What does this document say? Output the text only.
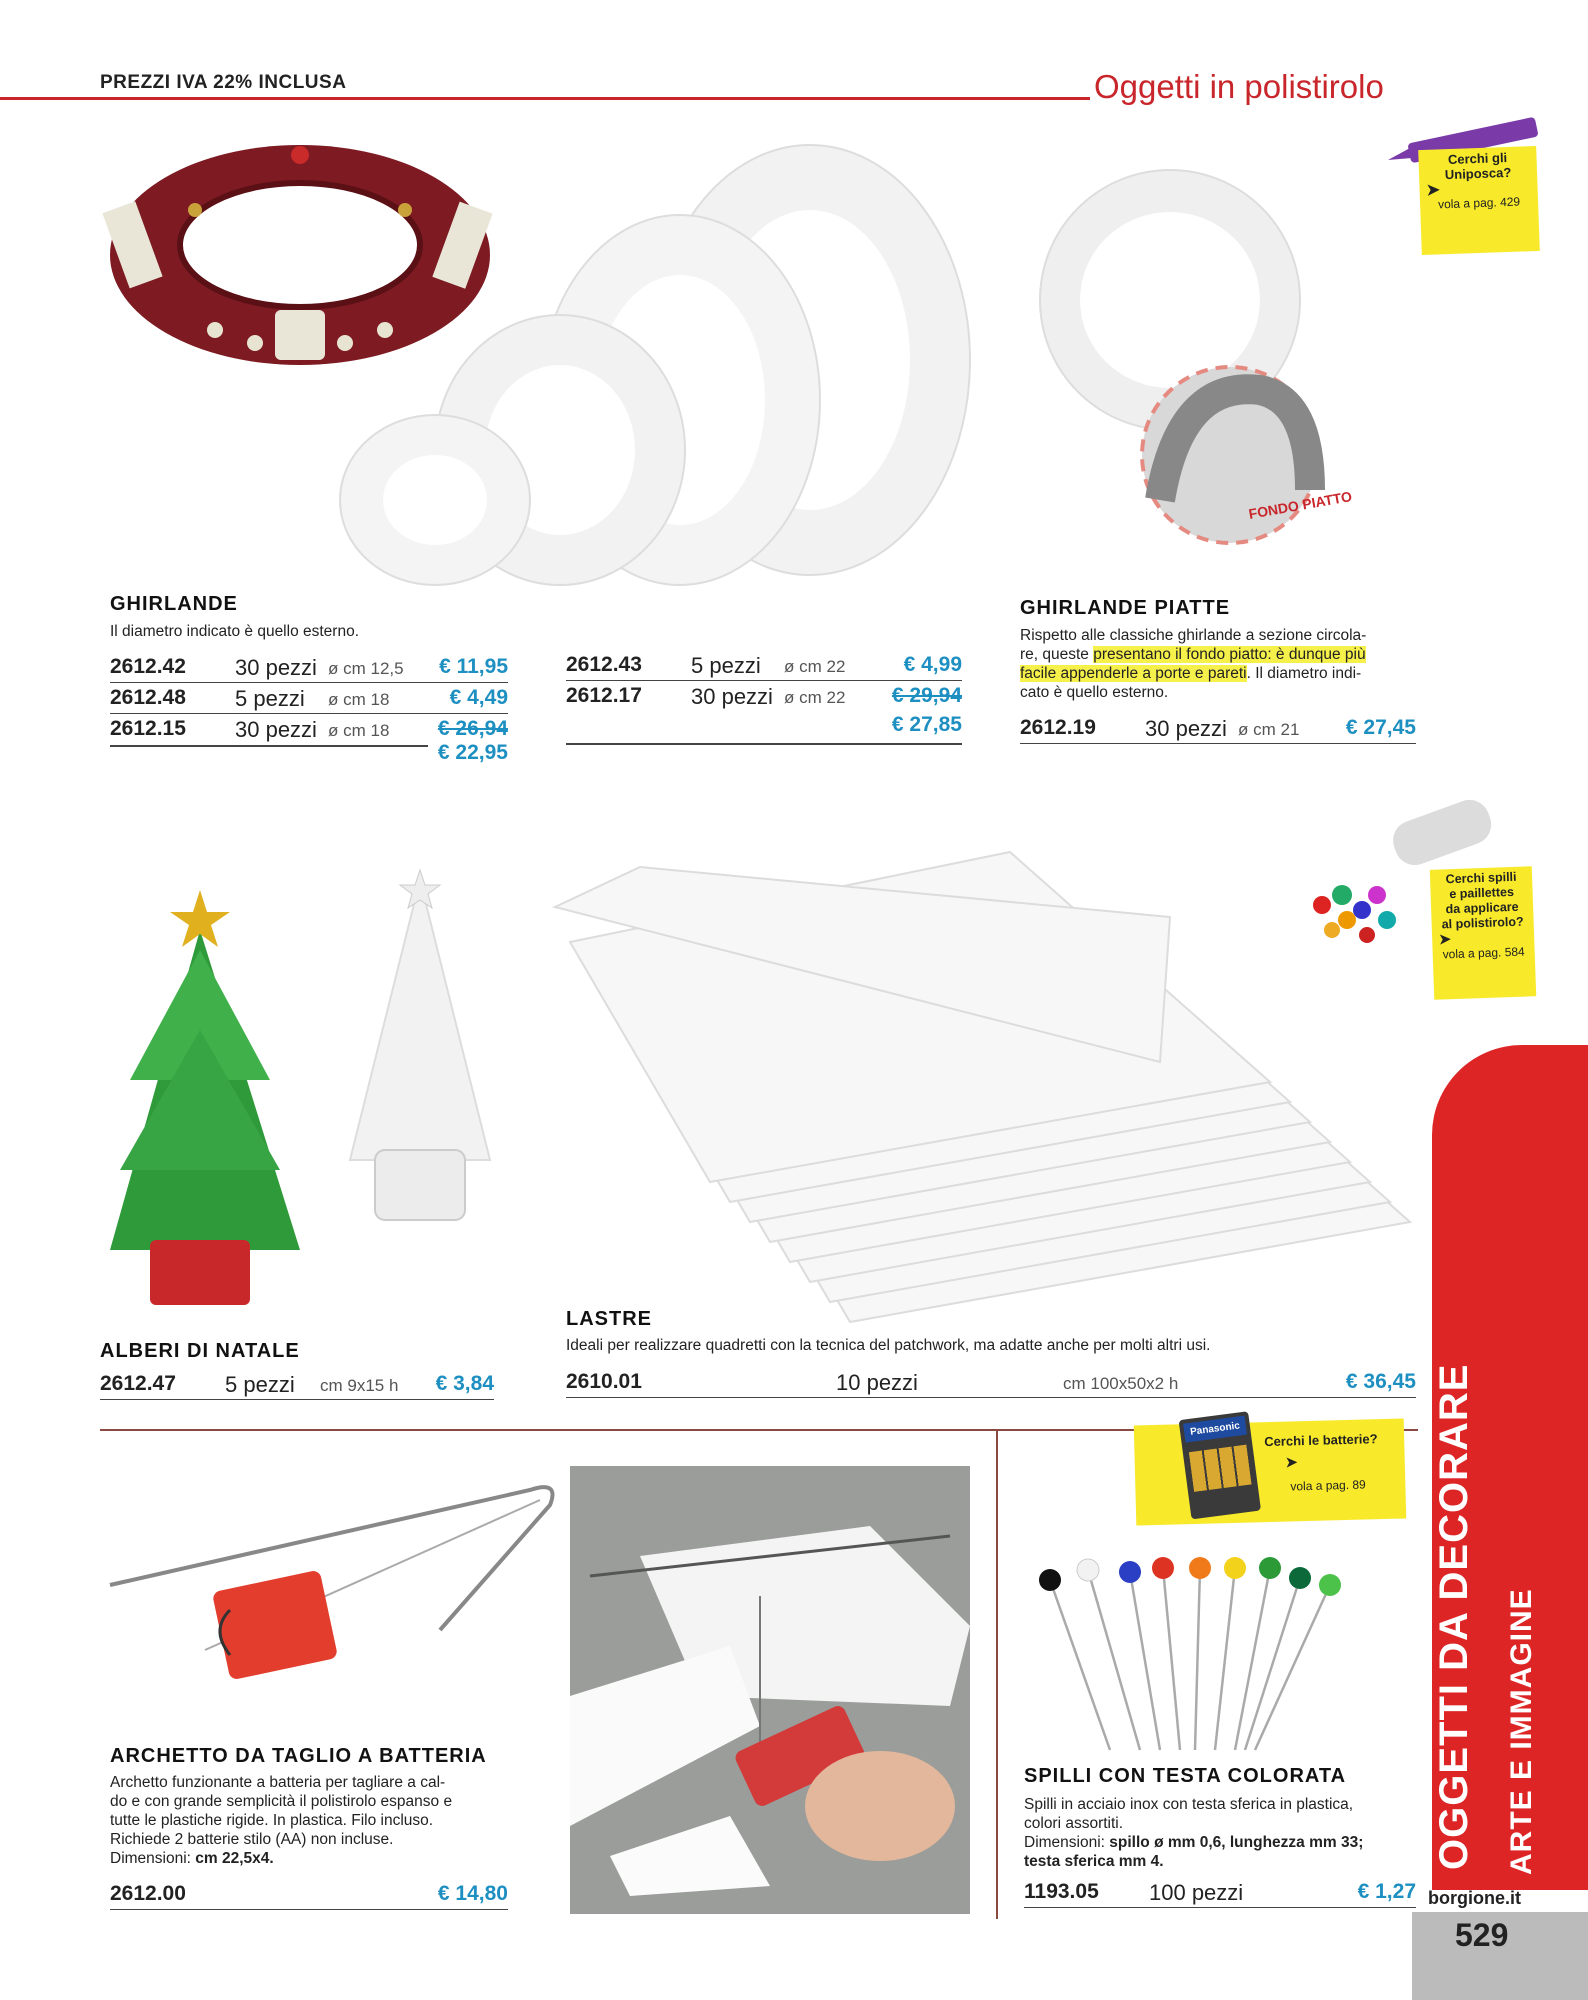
PREZZI IVA 22% INCLUSA	Oggetti in polistirolo
FONDO PIATTO
Cerchi gli
Uniposca?
➤
vola a pag. 429
GHIRLANDE
Il diametro indicato è quello esterno.
2612.42 30 pezzi ø cm 12,5 € 11,95
2612.48 5 pezzi ø cm 18	€ 4,49
2612.15 30 pezzi ø cm 18 € 26,94
€ 22,95
2612.43 5 pezzi ø cm 22	€ 4,99
2612.17 30 pezzi ø cm 22 € 29,94
€ 27,85
GHIRLANDE PIATTE
Rispetto alle classiche ghirlande a sezione circola-
re, queste presentano il fondo piatto: è dunque più
facile appenderle a porte e pareti. Il diametro indi-
cato è quello esterno.
2612.19 30 pezzi ø cm 21 € 27,45
Cerchi spilli
e paillettes
da applicare
al polistirolo?
➤
vola a pag. 584
ALBERI DI NATALE
2612.47 5 pezzi cm 9x15 h € 3,84
LASTRE
Ideali per realizzare quadretti con la tecnica del patchwork, ma adatte anche per molti altri usi.
2610.01	10 pezzi	cm 100x50x2 h	€ 36,45
Panasonic
Cerchi le batterie?
➤
vola a pag. 89
ARCHETTO DA TAGLIO A BATTERIA
Archetto funzionante a batteria per tagliare a cal-
do e con grande semplicità il polistirolo espanso e
tutte le plastiche rigide. In plastica. Filo incluso.
Richiede 2 batterie stilo (AA) non incluse.
Dimensioni: cm 22,5x4.
2612.00	€ 14,80
SPILLI CON TESTA COLORATA
Spilli in acciaio inox con testa sferica in plastica,
colori assortiti.
Dimensioni: spillo ø mm 0,6, lunghezza mm 33;
testa sferica mm 4.
1193.05 100 pezzi	€ 1,27
ARTE E IMMAGINE
OGGETTI DA DECORARE
borgione.it
529
